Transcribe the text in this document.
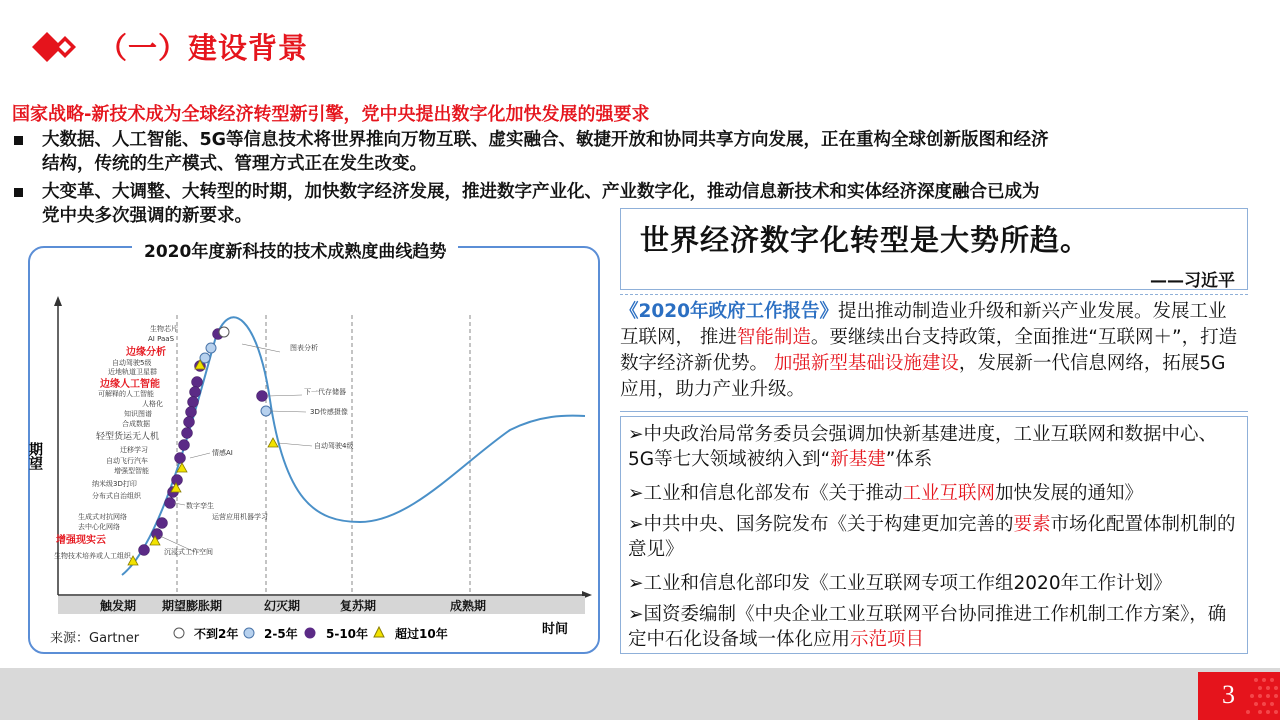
（一）建设背景
国家战略-新技术成为全球经济转型新引擎，党中央提出数字化加快发展的强要求
大数据、人工智能、5G等信息技术将世界推向万物互联、虚实融合、敏捷开放和协同共享方向发展，正在重构全球创新版图和经济
结构，传统的生产模式、管理方式正在发生改变。
大变革、大调整、大转型的时期，加快数字经济发展，推进数字产业化、产业数字化，推动信息新技术和实体经济深度融合已成为
党中央多次强调的新要求。
2020年度新科技的技术成熟度曲线趋势
生物芯片
AI PaaS
边缘分析
自动驾驶5级
近地轨道卫星群
边缘人工智能
可解释的人工智能
人格化
知识图谱
合成数据
轻型货运无人机
迁移学习
自动飞行汽车
增强型智能
纳米级3D打印
分布式自治组织
生成式对抗网络
去中心化网络
增强现实云
生物技术培养或人工组织
图表分析
下一代存储器
3D传感摄像
自动驾驶4级
情感AI
数字孪生
运营应用机器学习
沉浸式工作空间
期望
时间
触发期 期望膨胀期	幻灭期	复苏期	成熟期
来源：Gartner	不到2年 2-5年 5-10年 超过10年
世界经济数字化转型是大势所趋。
——习近平
《2020年政府工作报告》提出推动制造业升级和新兴产业发展。发展工业互联网， 推进智能制造。要继续出台支持政策，全面推进“互联网＋”，打造数字经济新优势。 加强新型基础设施建设，发展新一代信息网络，拓展5G应用，助力产业升级。
➢中央政治局常务委员会强调加快新基建进度，工业互联网和数据中心、5G等七大领域被纳入到“新基建”体系
➢工业和信息化部发布《关于推动工业互联网加快发展的通知》
➢中共中央、国务院发布《关于构建更加完善的要素市场化配置体制机制的意见》
➢工业和信息化部印发《工业互联网专项工作组2020年工作计划》
➢国资委编制《中央企业工业互联网平台协同推进工作机制工作方案》，确定中石化设备域一体化应用示范项目
3
